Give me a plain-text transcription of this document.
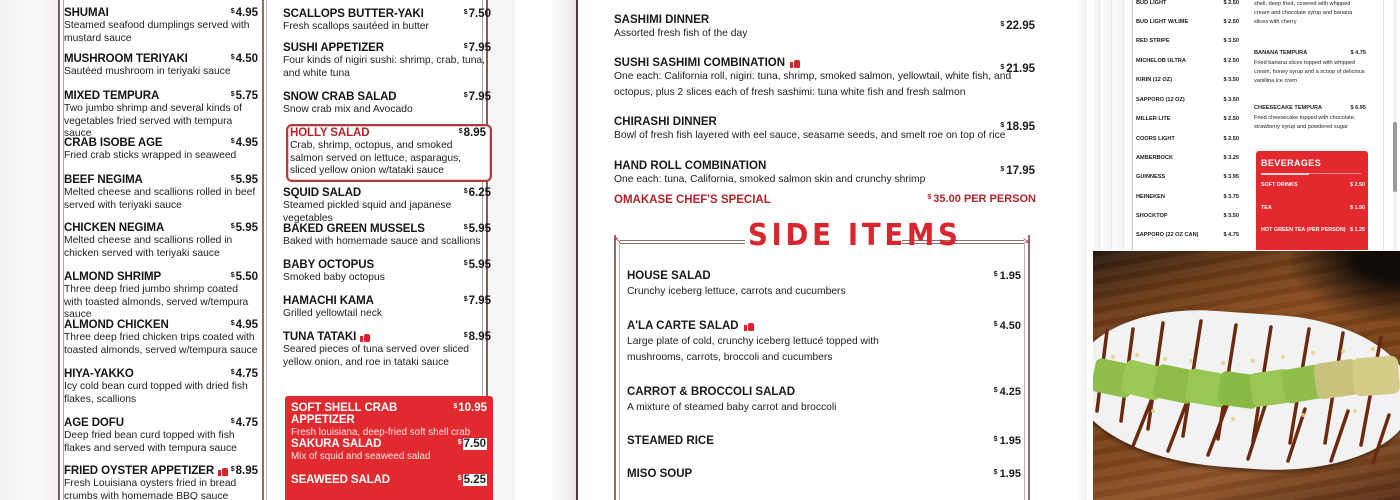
SHUMAI	$4.95
Steamed seafood dumplings served with mustard sauce
MUSHROOM TERIYAKI	$4.50
Sautéed mushroom in teriyaki sauce
MIXED TEMPURA	$5.75
Two jumbo shrimp and several kinds of vegetables fried served with tempura sauce
CRAB ISOBE AGE	$4.95
Fried crab sticks wrapped in seaweed
BEEF NEGIMA	$5.95
Melted cheese and scallions rolled in beef served with teriyaki sauce
CHICKEN NEGIMA	$5.95
Melted cheese and scallions rolled in chicken served with teriyaki sauce
ALMOND SHRIMP	$5.50
Three deep fried jumbo shrimp coated with toasted almonds, served w/tempura sauce
ALMOND CHICKEN	$4.95
Three deep fried chicken trips coated with toasted almonds, served w/tempura sauce
HIYA-YAKKO	$4.75
Icy cold bean curd topped with dried fish flakes, scallions
AGE DOFU	$4.75
Deep fried bean curd topped with fish flakes and served with tempura sauce
FRIED OYSTER APPETIZER $8.95
Fresh Louisiana oysters fried in bread crumbs with homemade BBQ sauce
SCALLOPS BUTTER-YAKI	$7.50
Fresh scallops sautéed in butter
SUSHI APPETIZER	$7.95
Four kinds of nigiri sushi: shrimp, crab, tuna, and white tuna
SNOW CRAB SALAD	$7.95
Snow crab mix and Avocado
HOLLY SALAD	$8.95
Crab, shrimp, octopus, and smoked salmon served on lettuce, asparagus, sliced yellow onion w/tataki sauce
SQUID SALAD	$6.25
Steamed pickled squid and japanese vegetables
BAKED GREEN MUSSELS	$5.95
Baked with homemade sauce and scallions
BABY OCTOPUS	$5.95
Smoked baby octopus
HAMACHI KAMA	$7.95
Grilled yellowtail neck
TUNA TATAKI	$8.95
Seared pieces of tuna served over sliced yellow onion, and roe in tataki sauce
SOFT SHELL CRAB APPETIZER
$10.95
Fresh louisiana, deep-fried soft shell crab
SAKURA SALAD	$ 7.50
Mix of squid and seaweed salad
SEAWEED SALAD	$ 5.25
SASHIMI DINNER	$ 22.95
Assorted fresh fish of the day
SUSHI SASHIMI COMBINATION	$ 21.95
One each: California roll, nigiri: tuna, shrimp, smoked salmon, yellowtail, white fish, and octopus, plus 2 slices each of fresh sashimi: tuna white fish and fresh salmon
CHIRASHI DINNER	$ 18.95
Bowl of fresh fish layered with eel sauce, seasame seeds, and smelt roe on top of rice
HAND ROLL COMBINATION	$ 17.95
One each: tuna, California, smoked salmon skin and crunchy shrimp
OMAKASE CHEF'S SPECIAL	$ 35.00 PER PERSON
↖	↘
SIDE ITEMS
HOUSE SALAD	$ 1.95
Crunchy iceberg lettuce, carrots and cucumbers
A'LA CARTE SALAD	$ 4.50
Large plate of cold, crunchy iceberg lettucé topped with mushrooms, carrots, broccoli and cucumbers
CARROT & BROCCOLI SALAD	$ 4.25
A mixture of steamed baby carrot and broccoli
STEAMED RICE	$ 1.95
MISO SOUP	$ 1.95
BUD LIGHT	$ 2.50
BUD LIGHT W/LIME	$ 2.50
RED STRIPE	$ 3.50
MICHELOB ULTRA	$ 2.50
KIRIN (12 OZ)	$ 3.50
SAPPORO (12 OZ)	$ 3.50
MILLER LITE	$ 2.50
COORS LIGHT	$ 2.50
AMBERBOCK	$ 3.25
GUINNESS	$ 3.95
HEINEKEN	$ 3.75
SHOCKTOP	$ 3.50
SAPPORO (22 OZ CAN)	$ 4.75
shell, deep fried, covered with whipped cream and chocolate syrup and banana slices with cherry
BANANA TEMPURA	$ 4.75
Fried banana slices topped with whipped cream, honey syrup and a scoop of delicious vanillina ice crem
CHEESECAKE TEMPURA	$ 6.95
Fried cheesecake topped with chocolate, strawberry syrup and powdered sugar
BEVERAGES
SOFT DRINKS	$ 2.50
TEA	$ 1.50
HOT GREEN TEA (PER PERSON) $ 1.25
